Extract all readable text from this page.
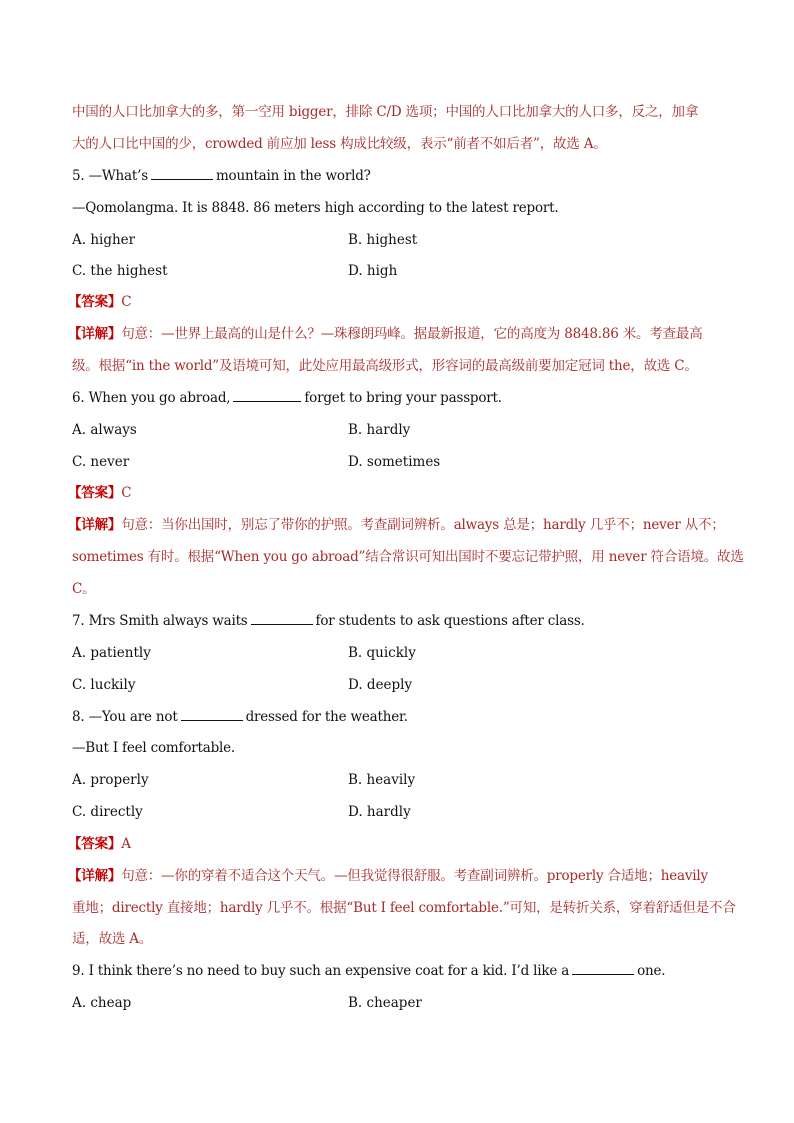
中国的人口比加拿大的多，第一空用 bigger，排除 C/D 选项；中国的人口比加拿大的人口多，反之，加拿
大的人口比中国的少，crowded 前应加 less 构成比较级，表示“前者不如后者”，故选 A。
5. —What’s	mountain in the world?
—Qomolangma. It is 8848. 86 meters high according to the latest report.
A. higher	B. highest
C. the highest	D. high
【答案】C
【详解】句意：—世界上最高的山是什么？—珠穆朗玛峰。据最新报道，它的高度为 8848.86 米。考查最高
级。根据“in the world”及语境可知，此处应用最高级形式，形容词的最高级前要加定冠词 the，故选 C。
6. When you go abroad,	forget to bring your passport.
A. always	B. hardly
C. never	D. sometimes
【答案】C
【详解】句意：当你出国时，别忘了带你的护照。考查副词辨析。always 总是；hardly 几乎不；never 从不；
sometimes 有时。根据“When you go abroad”结合常识可知出国时不要忘记带护照，用 never 符合语境。故选
C。
7. Mrs Smith always waits	for students to ask questions after class.
A. patiently	B. quickly
C. luckily	D. deeply
8. —You are not	dressed for the weather.
—But I feel comfortable.
A. properly	B. heavily
C. directly	D. hardly
【答案】A
【详解】句意：—你的穿着不适合这个天气。—但我觉得很舒服。考查副词辨析。properly 合适地；heavily
重地；directly 直接地；hardly 几乎不。根据“But I feel comfortable.”可知，是转折关系，穿着舒适但是不合
适，故选 A。
9. I think there’s no need to buy such an expensive coat for a kid. I’d like a	one.
A. cheap	B. cheaper
